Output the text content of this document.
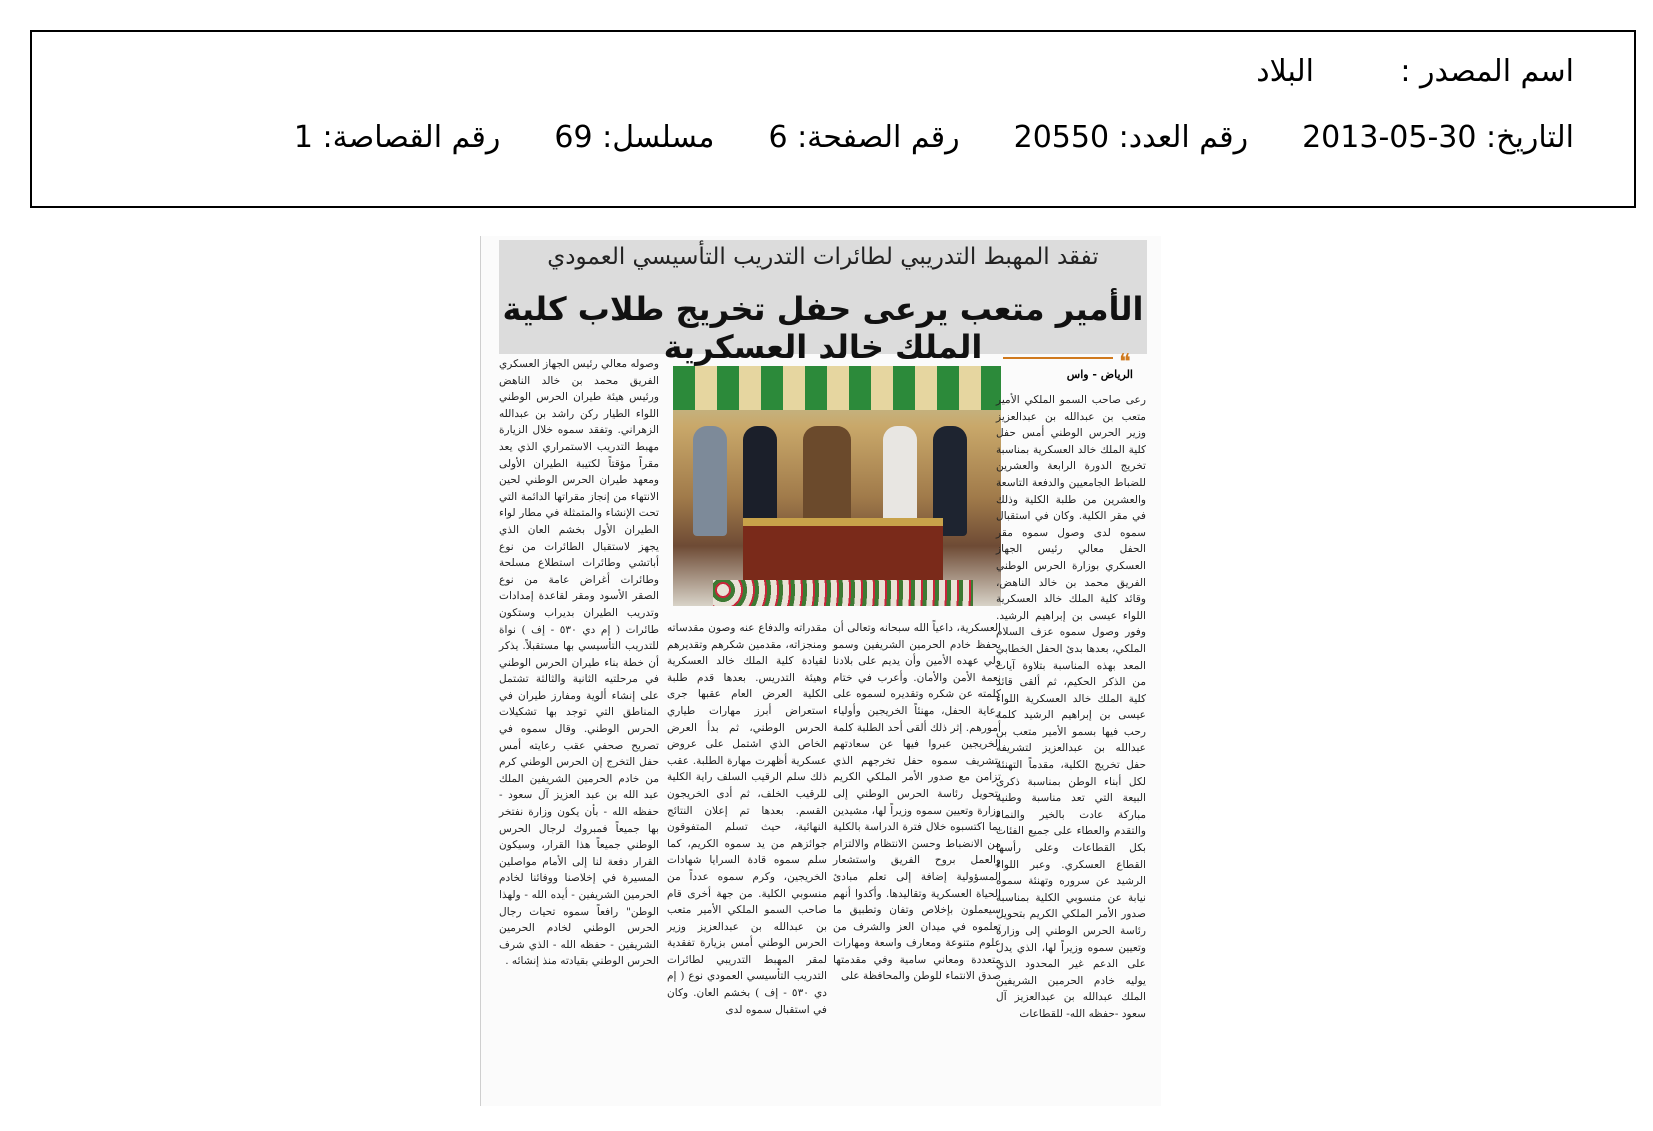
اسم المصدر :
البلاد
التاريخ: 30-05-2013
رقم العدد: 20550
رقم الصفحة: 6
مسلسل: 69
رقم القصاصة: 1
تفقد المهبط التدريبي لطائرات التدريب التأسيسي العمودي
الأمير متعب يرعى حفل تخريج طلاب كلية الملك خالد العسكرية	❝
الرياض - واس

رعى صاحب السمو الملكي الأمير متعب بن عبدالله بن عبدالعزيز وزير الحرس الوطني أمس حفل كلية الملك خالد العسكرية بمناسبة تخريج الدورة الرابعة والعشرين للضباط الجامعيين والدفعة التاسعة والعشرين من طلبة الكلية وذلك في مقر الكلية. وكان في استقبال سموه لدى وصول سموه مقر الحفل معالي رئيس الجهاز العسكري بوزارة الحرس الوطني الفريق محمد بن خالد الناهض، وقائد كلية الملك خالد العسكرية اللواء عيسى بن إبراهيم الرشيد. وفور وصول سموه عزف السلام الملكي، بعدها بدئ الحفل الخطابي المعد بهذه المناسبة بتلاوة آيات من الذكر الحكيم، ثم ألقى قائد كلية الملك خالد العسكرية اللواء عيسى بن إبراهيم الرشيد كلمة رحب فيها بسمو الأمير متعب بن عبدالله بن عبدالعزيز لتشريفه حفل تخريج الكلية، مقدماً التهنئة لكل أبناء الوطن بمناسبة ذكرى البيعة التي تعد مناسبة وطنية مباركة عادت بالخير والنماء والتقدم والعطاء على جميع الفئات بكل القطاعات وعلى رأسها القطاع العسكري. وعبر اللواء الرشيد عن سروره وتهنئة سموه نيابة عن منسوبي الكلية بمناسبة صدور الأمر الملكي الكريم بتحويل رئاسة الحرس الوطني إلى وزارة وتعيين سموه وزيراً لها، الذي يدل على الدعم غير المحدود الذي يوليه خادم الحرمين الشريفين الملك عبدالله بن عبدالعزيز آل سعود -حفظه الله- للقطاعات

العسكرية، داعياً الله سبحانه وتعالى أن يحفظ خادم الحرمين الشريفين وسمو ولي عهده الأمين وأن يديم على بلادنا نعمة الأمن والأمان. وأعرب في ختام كلمته عن شكره وتقديره لسموه على رعاية الحفل، مهنئاً الخريجين وأولياء أمورهم. إثر ذلك ألقى أحد الطلبة كلمة الخريجين عبروا فيها عن سعادتهم بتشريف سموه حفل تخرجهم الذي تزامن مع صدور الأمر الملكي الكريم بتحويل رئاسة الحرس الوطني إلى وزارة وتعيين سموه وزيراً لها، مشيدين بما اكتسبوه خلال فترة الدراسة بالكلية من الانضباط وحسن الانتظام والالتزام والعمل بروح الفريق واستشعار المسؤولية إضافة إلى تعلم مبادئ الحياة العسكرية وتقاليدها. وأكدوا أنهم سيعملون بإخلاص وتفان وتطبيق ما تعلموه في ميدان العز والشرف من علوم متنوعة ومعارف واسعة ومهارات متعددة ومعاني سامية وفي مقدمتها صدق الانتماء للوطن والمحافظة على

مقدراته والدفاع عنه وصون مقدساته ومنجزاته، مقدمين شكرهم وتقديرهم لقيادة كلية الملك خالد العسكرية وهيئة التدريس. بعدها قدم طلبة الكلية العرض العام عقبها جرى استعراض أبرز مهارات طياري الحرس الوطني، ثم بدأ العرض الخاص الذي اشتمل على عروض عسكرية أظهرت مهارة الطلبة. عقب ذلك سلم الرقيب السلف راية الكلية للرقيب الخلف، ثم أدى الخريجون القسم. بعدها تم إعلان النتائج النهائية، حيث تسلم المتفوقون جوائزهم من يد سموه الكريم، كما سلم سموه قادة السرايا شهادات الخريجين، وكرم سموه عدداً من منسوبي الكلية. من جهة أخرى قام صاحب السمو الملكي الأمير متعب بن عبدالله بن عبدالعزيز وزير الحرس الوطني أمس بزيارة تفقدية لمقر المهبط التدريبي لطائرات التدريب التأسيسي العمودي نوع ( إم دي ٥٣٠ - إف ) بخشم العان. وكان في استقبال سموه لدى

وصوله معالي رئيس الجهاز العسكري الفريق محمد بن خالد الناهض ورئيس هيئة طيران الحرس الوطني اللواء الطيار ركن راشد بن عبدالله الزهراني. وتفقد سموه خلال الزيارة مهبط التدريب الاستمراري الذي يعد مقراً مؤقتاً لكتيبة الطيران الأولى ومعهد طيران الحرس الوطني لحين الانتهاء من إنجاز مقراتها الدائمة التي تحت الإنشاء والمتمثلة في مطار لواء الطيران الأول بخشم العان الذي يجهز لاستقبال الطائرات من نوع أباتشي وطائرات استطلاع مسلحة وطائرات أغراض عامة من نوع الصقر الأسود ومقر لقاعدة إمدادات وتدريب الطيران بديراب وستكون طائرات ( إم دي ٥٣٠ - إف ) نواة للتدريب التأسيسي بها مستقبلاً. يذكر أن خطة بناء طيران الحرس الوطني في مرحلتيه الثانية والثالثة تشتمل على إنشاء ألوية ومفارز طيران في المناطق التي توجد بها تشكيلات الحرس الوطني. وقال سموه في تصريح صحفي عقب رعايته أمس حفل التخرج إن الحرس الوطني كرم من خادم الحرمين الشريفين الملك عبد الله بن عبد العزيز آل سعود - حفظه الله - بأن يكون وزارة نفتخر بها جميعاً فمبروك لرجال الحرس الوطني جميعاً هذا القرار، وسيكون القرار دفعة لنا إلى الأمام مواصلين المسيرة في إخلاصنا ووفائنا لخادم الحرمين الشريفين - أيده الله - ولهذا الوطن" رافعاً سموه تحيات رجال الحرس الوطني لخادم الحرمين الشريفين - حفظه الله - الذي شرف الحرس الوطني بقيادته منذ إنشائه .
